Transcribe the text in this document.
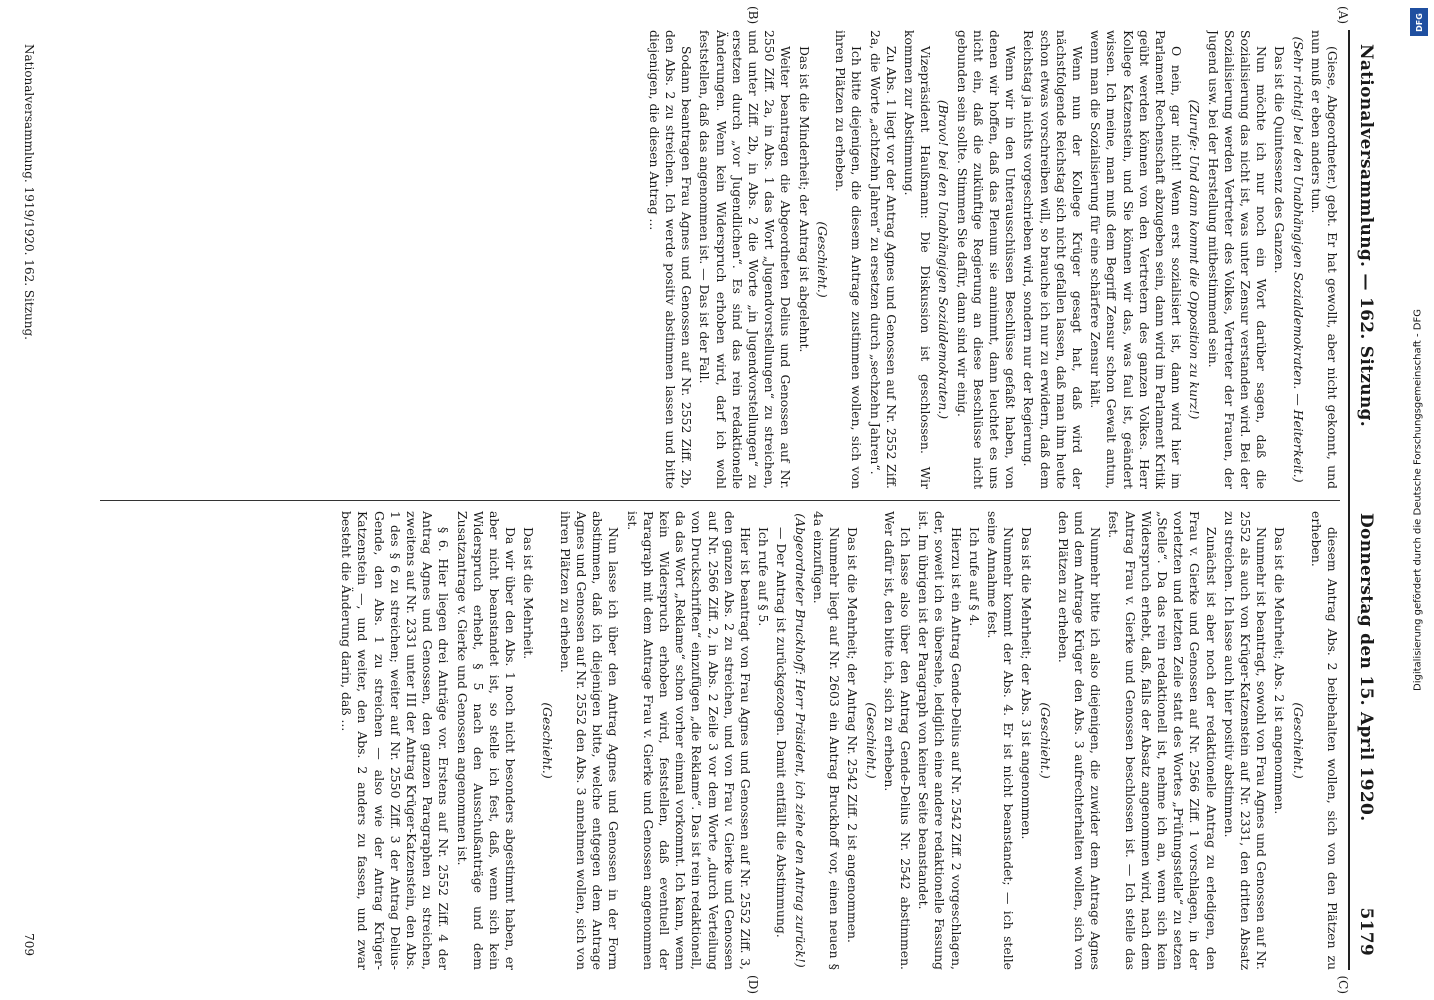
Nationalversammlung. — 162. Sitzung.
Donnerstag den 15. April 1920.
5179

(Giese, Abgeordneter.) gebt. Er hat gewollt, aber nicht gekonnt, und nun muß er eben anders tun.

(Sehr richtig! bei den Unabhängigen Sozialdemokraten. — Heiterkeit.)

Das ist die Quintessenz des Ganzen.

Nun möchte ich nur noch ein Wort darüber sagen, daß die Sozialisierung das nicht ist, was unter Zensur verstanden wird. Bei der Sozialisierung werden Vertreter des Volkes, Vertreter der Frauen, der Jugend usw. bei der Herstellung mitbestimmend sein.

(Zurufe: Und dann kommt die Opposition zu kurz!)

O nein, gar nicht! Wenn erst sozialisiert ist, dann wird hier im Parlament Rechenschaft abzugeben sein, dann wird im Parlament Kritik geübt werden können von den Vertretern des ganzen Volkes. Herr Kollege Katzenstein, und Sie können wir das, was faul ist, geändert wissen. Ich meine, man muß dem Begriff Zensur schon Gewalt antun, wenn man die Sozialisierung für eine schärfere Zensur hält.

Wenn nun der Kollege Krüger gesagt hat, daß wird der nächstfolgende Reichstag sich nicht gefallen lassen, daß man ihm heute schon etwas vorschreiben will, so brauche ich nur zu erwidern, daß dem Reichstag ja nichts vorgeschrieben wird, sondern nur der Regierung.

Wenn wir in den Unterausschüssen Beschlüsse gefaßt haben, von denen wir hoffen, daß das Plenum sie annimmt, dann leuchtet es uns nicht ein, daß die zukünftige Regierung an diese Beschlüsse nicht gebunden sein sollte. Stimmen Sie dafür, dann sind wir einig.

(Bravo! bei den Unabhängigen Sozialdemokraten.)

Vizepräsident Haußmann: Die Diskussion ist geschlossen. Wir kommen zur Abstimmung.

Zu Abs. 1 liegt vor der Antrag Agnes und Genossen auf Nr. 2552 Ziff. 2a, die Worte „achtzehn Jahren“ zu ersetzen durch „sechzehn Jahren“.

Ich bitte diejenigen, die diesem Antrage zustimmen wollen, sich von ihren Plätzen zu erheben.

(Geschieht.)

Das ist die Minderheit; der Antrag ist abgelehnt.

Weiter beantragen die Abgeordneten Delius und Genossen auf Nr. 2550 Ziff. 2a, in Abs. 1 das Wort „Jugendvorstellungen“ zu streichen, und unter Ziff. 2b, in Abs. 2 die Worte „in Jugendvorstellungen“ zu ersetzen durch „vor Jugendlichen“. Es sind das rein redaktionelle Änderungen. Wenn kein Widerspruch erhoben wird, darf ich wohl feststellen, daß das angenommen ist. — Das ist der Fall.

Sodann beantragen Frau Agnes und Genossen auf Nr. 2552 Ziff. 2b, den Abs. 2 zu streichen. Ich werde positiv abstimmen lassen und bitte diejenigen, die diesen Antrag ...

diesem Antrag Abs. 2 beibehalten wollen, sich von den Plätzen zu erheben.

(Geschieht.)

Das ist die Mehrheit; Abs. 2 ist angenommen.

Nunmehr ist beantragt, sowohl von Frau Agnes und Genossen auf Nr. 2552 als auch von Krüger-Katzenstein auf Nr. 2331, den dritten Absatz zu streichen. Ich lasse auch hier positiv abstimmen.

Zunächst ist aber noch der redaktionelle Antrag zu erledigen, den Frau v. Gierke und Genossen auf Nr. 2566 Ziff. 1 vorschlagen, in der vorletzten und letzten Zeile statt des Wortes „Prüfungsstelle“ zu setzen „Stelle“. Da das rein redaktionell ist, nehme ich an, wenn sich kein Widerspruch erhebt, daß, falls der Absatz angenommen wird, nach dem Antrag Frau v. Gierke und Genossen beschlossen ist. — Ich stelle das fest.

Nunmehr bitte ich also diejenigen, die zuwider dem Antrage Agnes und dem Antrage Krüger den Abs. 3 aufrechterhalten wollen, sich von den Plätzen zu erheben.

(Geschieht.)

Das ist die Mehrheit; der Abs. 3 ist angenommen.

Nunmehr kommt der Abs. 4. Er ist nicht beanstandet; — ich stelle seine Annahme fest.

Ich rufe auf § 4.

Hierzu ist ein Antrag Gende-Delius auf Nr. 2542 Ziff. 2 vorgeschlagen, der, soweit ich es übersehe, lediglich eine andere redaktionelle Fassung ist. Im übrigen ist der Paragraph von keiner Seite beanstandet.

Ich lasse also über den Antrag Gende-Delius Nr. 2542 abstimmen. Wer dafür ist, den bitte ich, sich zu erheben.

(Geschieht.)

Das ist die Mehrheit; der Antrag Nr. 2542 Ziff. 2 ist angenommen.

Nunmehr liegt auf Nr. 2603 ein Antrag Bruckhoff vor, einen neuen § 4a einzufügen.

(Abgeordneter Bruckhoff: Herr Präsident, ich ziehe den Antrag zurück!)

— Der Antrag ist zurückgezogen. Damit entfällt die Abstimmung.

Ich rufe auf § 5.

Hier ist beantragt von Frau Agnes und Genossen auf Nr. 2552 Ziff. 3, den ganzen Abs. 2 zu streichen, und von Frau v. Gierke und Genossen auf Nr. 2566 Ziff. 2, in Abs. 2 Zeile 3 vor dem Worte „durch Verteilung von Druckschriften“ einzufügen „die Reklame“. Das ist rein redaktionell, da das Wort „Reklame“ schon vorher einmal vorkommt. Ich kann, wenn kein Widerspruch erhoben wird, feststellen, daß eventuell der Paragraph mit dem Antrage Frau v. Gierke und Genossen angenommen ist.

Nun lasse ich über den Antrag Agnes und Genossen in der Form abstimmen, daß ich diejenigen bitte, welche entgegen dem Antrage Agnes und Genossen auf Nr. 2552 den Abs. 3 annehmen wollen, sich von ihren Plätzen zu erheben.

(Geschieht.)

Das ist die Mehrheit.

Da wir über den Abs. 1 noch nicht besonders abgestimmt haben, er aber nicht beanstandet ist, so stelle ich fest, daß, wenn sich kein Widerspruch erhebt, § 5 nach den Ausschußanträge und dem Zusatzantrage v. Gierke und Genossen angenommen ist.

§ 6. Hier liegen drei Anträge vor. Erstens auf Nr. 2552 Ziff. 4 der Antrag Agnes und Genossen, den ganzen Paragraphen zu streichen, zweitens auf Nr. 2331 unter III der Antrag Krüger-Katzenstein, den Abs. 1 des § 6 zu streichen; weiter auf Nr. 2550 Ziff. 3 der Antrag Delius-Gende, den Abs. 1 zu streichen — also wie der Antrag Krüger-Katzenstein —, und weiter, den Abs. 2 anders zu fassen, und zwar besteht die Änderung darin, daß ...

(A)
(B)
(C)
(D)
Nationalversammlung. 1919/1920. 162. Sitzung.
709
Digitalisierung gefördert durch die Deutsche Forschungsgemeinschaft - DFG
DFG
